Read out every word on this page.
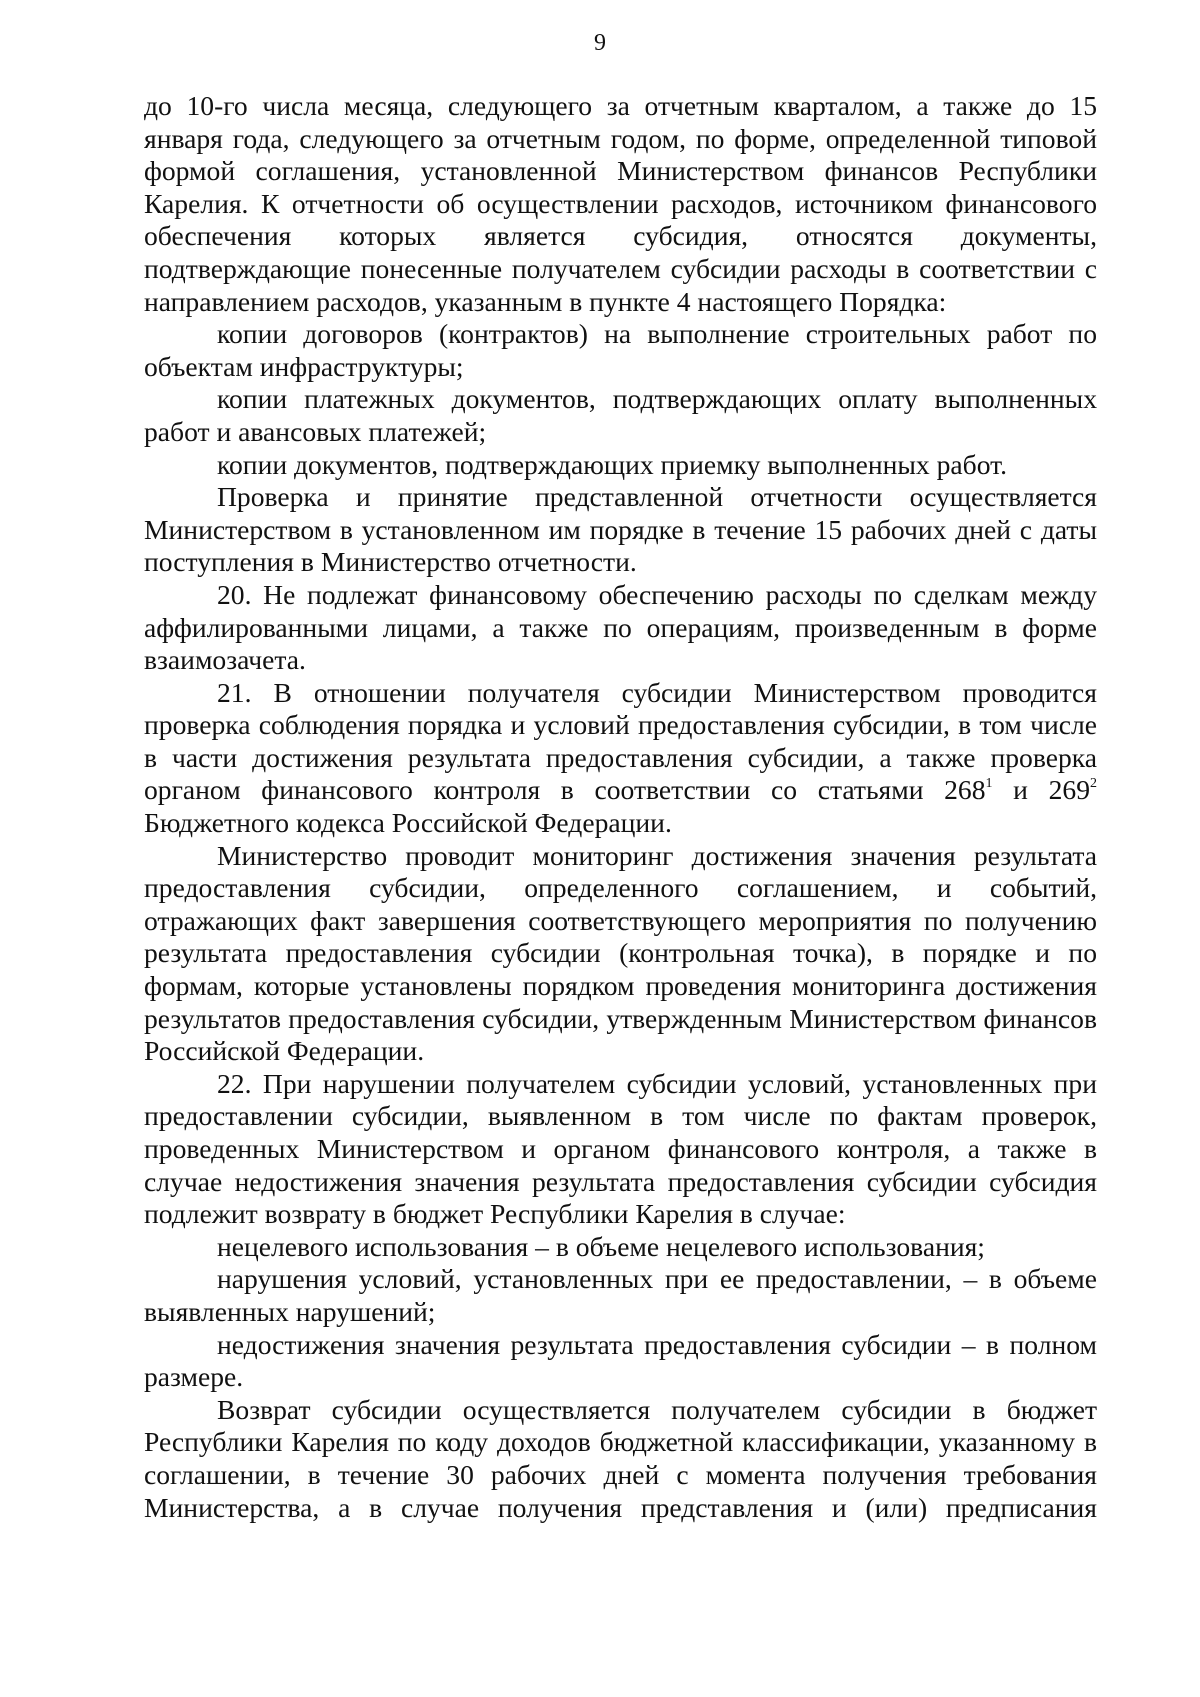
9

до 10-го числа месяца, следующего за отчетным кварталом, а также до 15 января года, следующего за отчетным годом, по форме, определенной типовой формой соглашения, установленной Министерством финансов Республики Карелия. К отчетности об осуществлении расходов, источником финансового обеспечения которых является субсидия, относятся документы, подтверждающие понесенные получателем субсидии расходы в соответствии с направлением расходов, указанным в пункте 4 настоящего Порядка:

копии договоров (контрактов) на выполнение строительных работ по объектам инфраструктуры;

копии платежных документов, подтверждающих оплату выполненных работ и авансовых платежей;

копии документов, подтверждающих приемку выполненных работ.

Проверка и принятие представленной отчетности осуществляется Министерством в установленном им порядке в течение 15 рабочих дней с даты поступления в Министерство отчетности.

20. Не подлежат финансовому обеспечению расходы по сделкам между аффилированными лицами, а также по операциям, произведенным в форме взаимозачета.

21. В отношении получателя субсидии Министерством проводится проверка соблюдения порядка и условий предоставления субсидии, в том числе в части достижения результата предоставления субсидии, а также проверка органом финансового контроля в соответствии со статьями $268^1$ и $269^2$ Бюджетного кодекса Российской Федерации.

Министерство проводит мониторинг достижения значения результата предоставления субсидии, определенного соглашением, и событий, отражающих факт завершения соответствующего мероприятия по получению результата предоставления субсидии (контрольная точка), в порядке и по формам, которые установлены порядком проведения мониторинга достижения результатов предоставления субсидии, утвержденным Министерством финансов Российской Федерации.

22. При нарушении получателем субсидии условий, установленных при предоставлении субсидии, выявленном в том числе по фактам проверок, проведенных Министерством и органом финансового контроля, а также в случае недостижения значения результата предоставления субсидии субсидия подлежит возврату в бюджет Республики Карелия в случае:

нецелевого использования – в объеме нецелевого использования;

нарушения условий, установленных при ее предоставлении, – в объеме выявленных нарушений;

недостижения значения результата предоставления субсидии – в полном размере.

Возврат субсидии осуществляется получателем субсидии в бюджет Республики Карелия по коду доходов бюджетной классификации, указанному в соглашении, в течение 30 рабочих дней с момента получения требования Министерства, а в случае получения представления и (или) предписания
